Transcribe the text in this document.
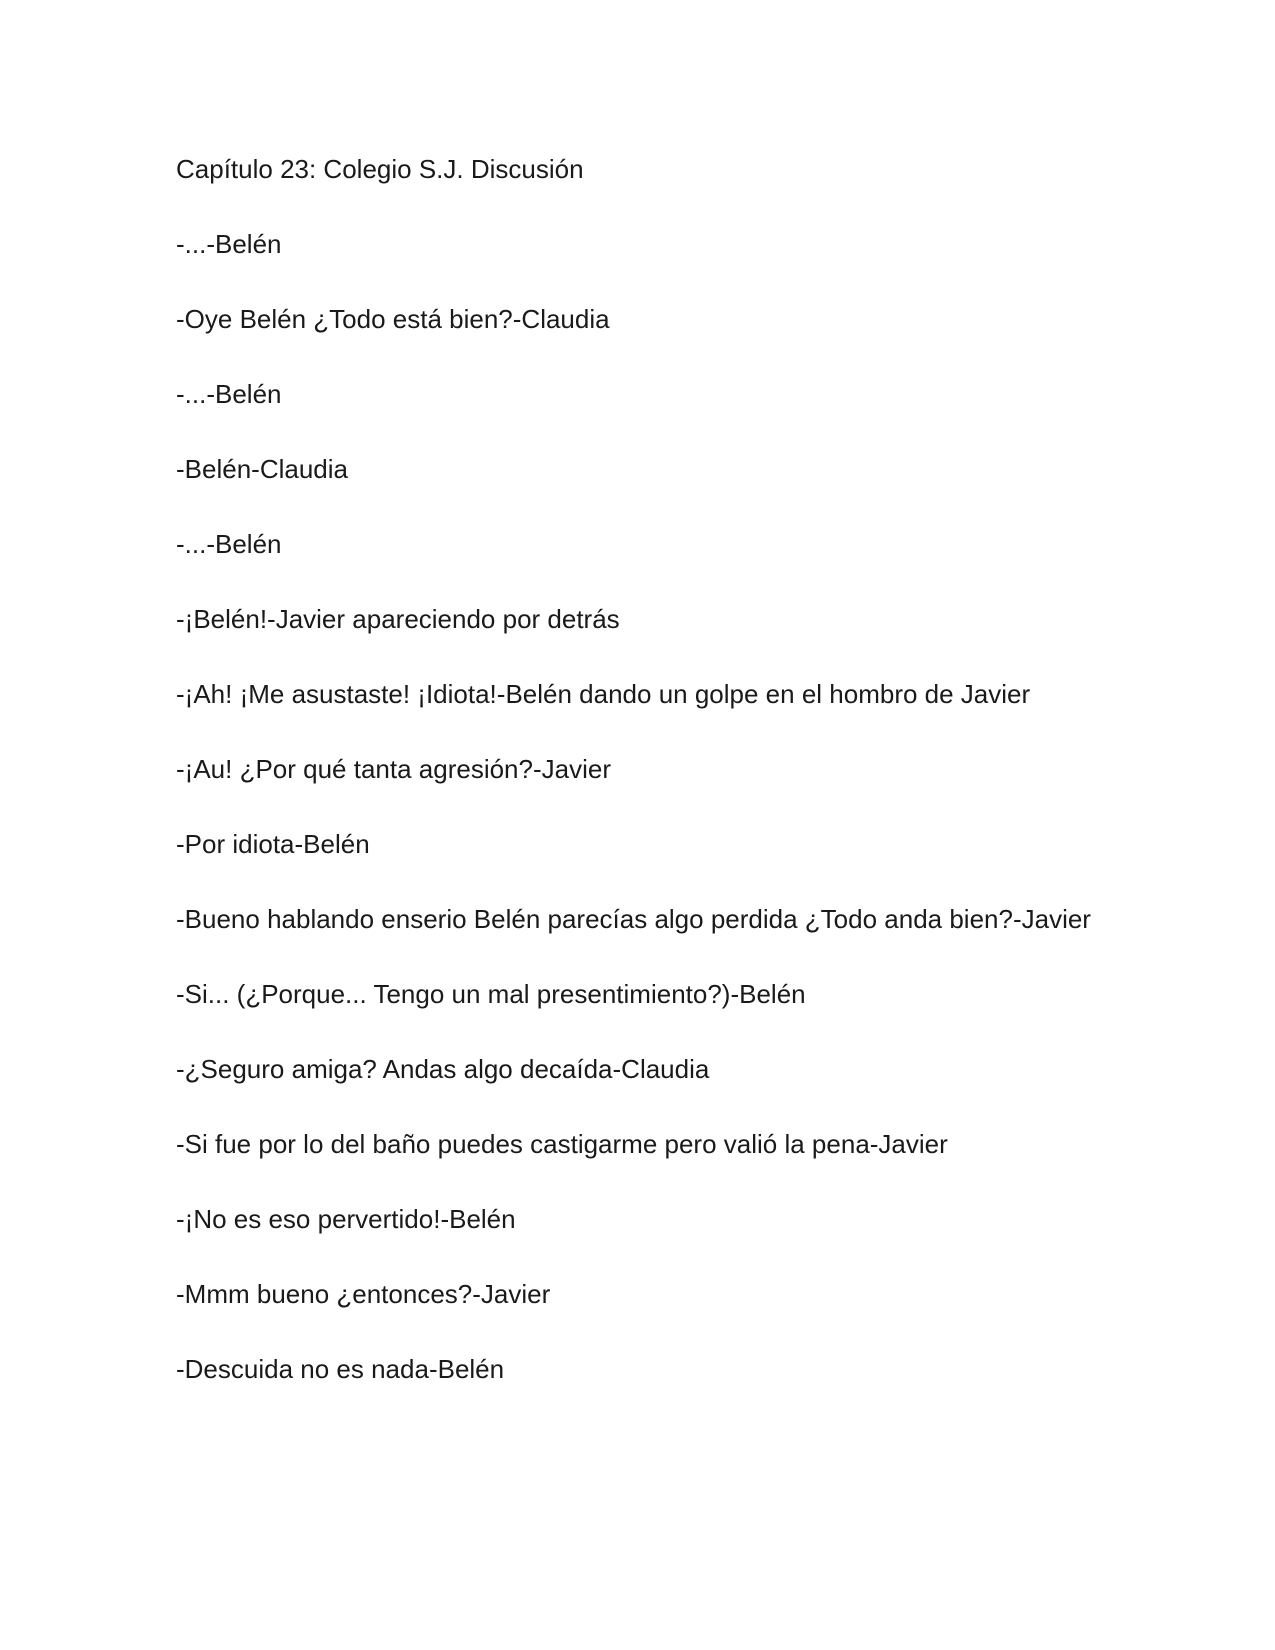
Capítulo 23: Colegio S.J. Discusión

-...-Belén

-Oye Belén ¿Todo está bien?-Claudia

-...-Belén

-Belén-Claudia

-...-Belén

-¡Belén!-Javier apareciendo por detrás

-¡Ah! ¡Me asustaste! ¡Idiota!-Belén dando un golpe en el hombro de Javier

-¡Au! ¿Por qué tanta agresión?-Javier

-Por idiota-Belén

-Bueno hablando enserio Belén parecías algo perdida ¿Todo anda bien?-Javier

-Si... (¿Porque... Tengo un mal presentimiento?)-Belén

-¿Seguro amiga? Andas algo decaída-Claudia

-Si fue por lo del baño puedes castigarme pero valió la pena-Javier

-¡No es eso pervertido!-Belén

-Mmm bueno ¿entonces?-Javier

-Descuida no es nada-Belén
